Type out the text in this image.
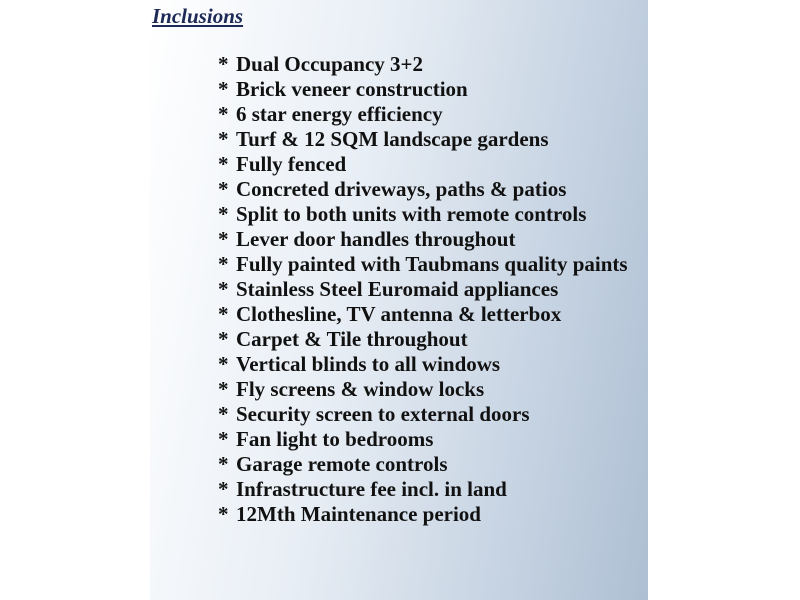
Inclusions
* Dual Occupancy 3+2
* Brick veneer construction
* 6 star energy efficiency
* Turf & 12 SQM landscape gardens
* Fully fenced
* Concreted driveways, paths & patios
* Split to both units with remote controls
* Lever door handles throughout
* Fully painted with Taubmans quality paints
* Stainless Steel Euromaid appliances
* Clothesline, TV antenna & letterbox
* Carpet & Tile throughout
* Vertical blinds to all windows
* Fly screens & window locks
* Security screen to external doors
* Fan light to bedrooms
* Garage remote controls
* Infrastructure fee incl. in land
* 12Mth Maintenance period
